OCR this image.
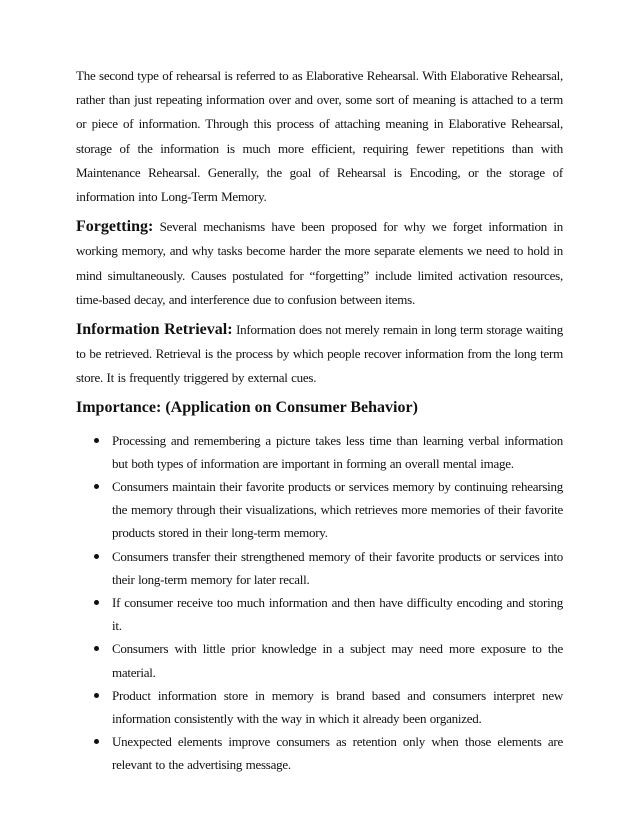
The second type of rehearsal is referred to as Elaborative Rehearsal. With Elaborative Rehearsal, rather than just repeating information over and over, some sort of meaning is attached to a term or piece of information. Through this process of attaching meaning in Elaborative Rehearsal, storage of the information is much more efficient, requiring fewer repetitions than with Maintenance Rehearsal. Generally, the goal of Rehearsal is Encoding, or the storage of information into Long-Term Memory.

Forgetting: Several mechanisms have been proposed for why we forget information in working memory, and why tasks become harder the more separate elements we need to hold in mind simultaneously. Causes postulated for “forgetting” include limited activation resources, time-based decay, and interference due to confusion between items.

Information Retrieval: Information does not merely remain in long term storage waiting to be retrieved. Retrieval is the process by which people recover information from the long term store. It is frequently triggered by external cues.

Importance: (Application on Consumer Behavior)
Processing and remembering a picture takes less time than learning verbal information but both types of information are important in forming an overall mental image.
Consumers maintain their favorite products or services memory by continuing rehearsing the memory through their visualizations, which retrieves more memories of their favorite products stored in their long-term memory.
Consumers transfer their strengthened memory of their favorite products or services into their long-term memory for later recall.
If consumer receive too much information and then have difficulty encoding and storing it.
Consumers with little prior knowledge in a subject may need more exposure to the material.
Product information store in memory is brand based and consumers interpret new information consistently with the way in which it already been organized.
Unexpected elements improve consumers as retention only when those elements are relevant to the advertising message.
